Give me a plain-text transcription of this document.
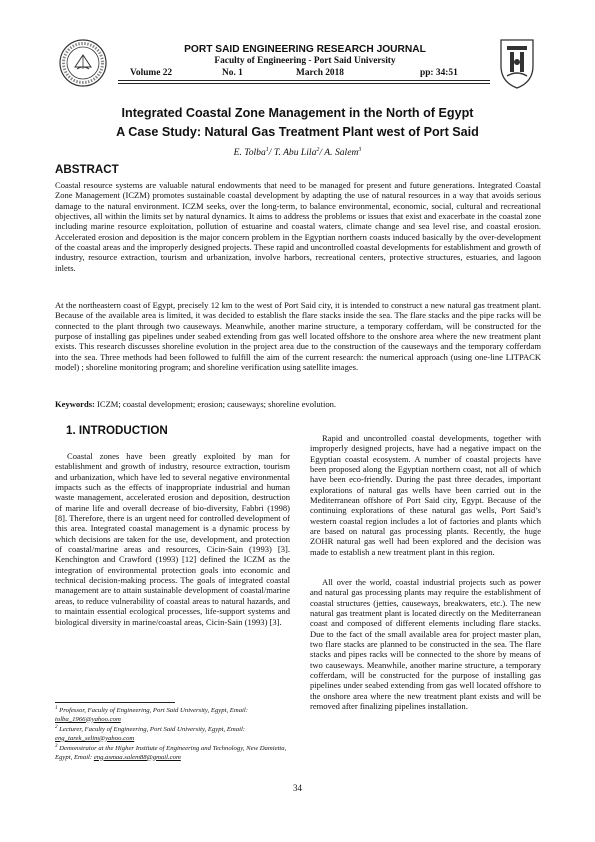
PORT SAID ENGINEERING RESEARCH JOURNAL
Faculty of Engineering - Port Said University
Volume 22	No. 1	March 2018	pp: 34:51
Integrated Coastal Zone Management in the North of Egypt
A Case Study: Natural Gas Treatment Plant west of Port Said
E. Tolba$^1$/ T. Abu Lila$^2$/ A. Salem$^3$
ABSTRACT

Coastal resource systems are valuable natural endowments that need to be managed for present and future generations. Integrated Coastal Zone Management (ICZM) promotes sustainable coastal development by adapting the use of natural resources in a way that avoids serious damage to the natural environment. ICZM seeks, over the long-term, to balance environmental, economic, social, cultural and recreational objectives, all within the limits set by natural dynamics. It aims to address the problems or issues that exist and exacerbate in the coastal zone including marine resource exploitation, pollution of estuarine and coastal waters, climate change and sea level rise, and coastal erosion. Accelerated erosion and deposition is the major concern problem in the Egyptian northern coasts induced basically by the over-development of the coastal areas and the improperly designed projects. These rapid and uncontrolled coastal developments for establishment and growth of industry, resource extraction, tourism and urbanization, involve harbors, recreational centers, protective structures, estuaries, and lagoon inlets.

At the northeastern coast of Egypt, precisely 12 km to the west of Port Said city, it is intended to construct a new natural gas treatment plant. Because of the available area is limited, it was decided to establish the flare stacks inside the sea. The flare stacks and the pipe racks will be connected to the plant through two causeways. Meanwhile, another marine structure, a temporary cofferdam, will be constructed for the purpose of installing gas pipelines under seabed extending from gas well located offshore to the onshore area where the new treatment plant exists. This research discusses shoreline evolution in the project area due to the construction of the causeways and the temporary cofferdam into the sea. Three methods had been followed to fulfill the aim of the current research: the numerical approach (using one-line LITPACK model) ; shoreline monitoring program; and shoreline verification using satellite images.

Keywords: ICZM; coastal development; erosion; causeways; shoreline evolution.

1. INTRODUCTION

Coastal zones have been greatly exploited by man for establishment and growth of industry, resource extraction, tourism and urbanization, which have led to several negative environmental impacts such as the effects of inappropriate industrial and human waste management, accelerated erosion and deposition, destruction of marine life and overall decrease of bio-diversity, Fabbri (1998) [8]. Therefore, there is an urgent need for controlled development of this area. Integrated coastal management is a dynamic process by which decisions are taken for the use, development, and protection of coastal/marine areas and resources, Cicin-Sain (1993) [3]. Kenchington and Crawford (1993) [12] defined the ICZM as the integration of environmental protection goals into economic and technical decision-making process. The goals of integrated coastal management are to attain sustainable development of coastal/marine areas, to reduce vulnerability of coastal areas to natural hazards, and to maintain essential ecological processes, life-support systems and biological diversity in marine/coastal areas, Cicin-Sain (1993) [3].

Rapid and uncontrolled coastal developments, together with improperly designed projects, have had a negative impact on the Egyptian coastal ecosystem. A number of coastal projects have been proposed along the Egyptian northern coast, not all of which have been eco-friendly. During the past three decades, important explorations of natural gas wells have been carried out in the Mediterranean offshore of Port Said city, Egypt. Because of the continuing explorations of these natural gas wells, Port Said’s western coastal region includes a lot of factories and plants which are based on natural gas processing plants. Recently, the huge ZOHR natural gas well had been explored and the decision was made to establish a new treatment plant in this region.

All over the world, coastal industrial projects such as power and natural gas processing plants may require the establishment of coastal structures (jetties, causeways, breakwaters, etc.). The new natural gas treatment plant is located directly on the Mediterranean coast and composed of different elements including flare stacks. Due to the fact of the small available area for project master plan, two flare stacks are planned to be constructed in the sea. The flare stacks and pipes racks will be connected to the shore by means of two causeways. Meanwhile, another marine structure, a temporary cofferdam, will be constructed for the purpose of installing gas pipelines under seabed extending from gas well located offshore to the onshore area where the new treatment plant exists and will be removed after finalizing pipelines installation.

$^1$ Professor, Faculty of Engineering, Port Said University, Egypt, Email: tolba_1966@yahoo.com
$^2$ Lecturer, Faculty of Engineering, Port Said University, Egypt, Email: eng_tarek_selim@yahoo.com
$^3$ Demonstrator at the Higher Institute of Engineering and Technology, New Damietta, Egypt, Email: eng.asmaa.salem88@gmail.com
34
